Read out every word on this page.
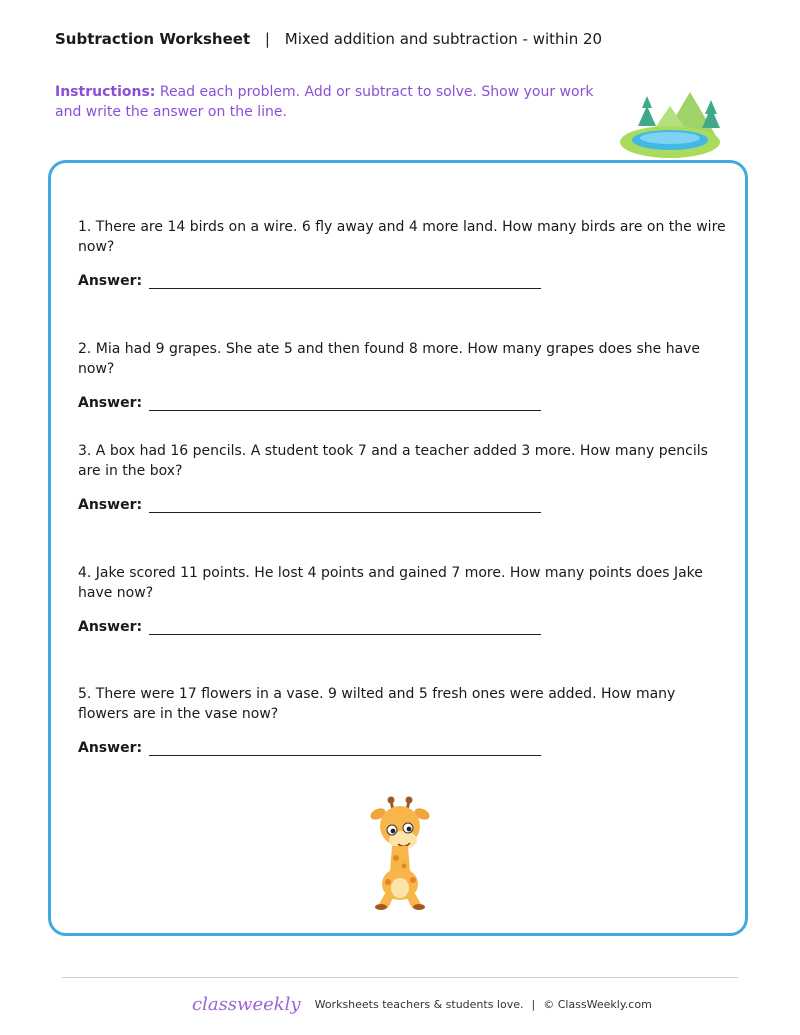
Subtraction Worksheet | Mixed addition and subtraction - within 20
Instructions: Read each problem. Add or subtract to solve. Show your work and write the answer on the line.
1. There are 14 birds on a wire. 6 fly away and 4 more land. How many birds are on the wire now?
Answer:
2. Mia had 9 grapes. She ate 5 and then found 8 more. How many grapes does she have now?
Answer:
3. A box had 16 pencils. A student took 7 and a teacher added 3 more. How many pencils are in the box?
Answer:
4. Jake scored 11 points. He lost 4 points and gained 7 more. How many points does Jake have now?
Answer:
5. There were 17 flowers in a vase. 9 wilted and 5 fresh ones were added. How many flowers are in the vase now?
Answer:
classweekly Worksheets teachers & students love. | © ClassWeekly.com
